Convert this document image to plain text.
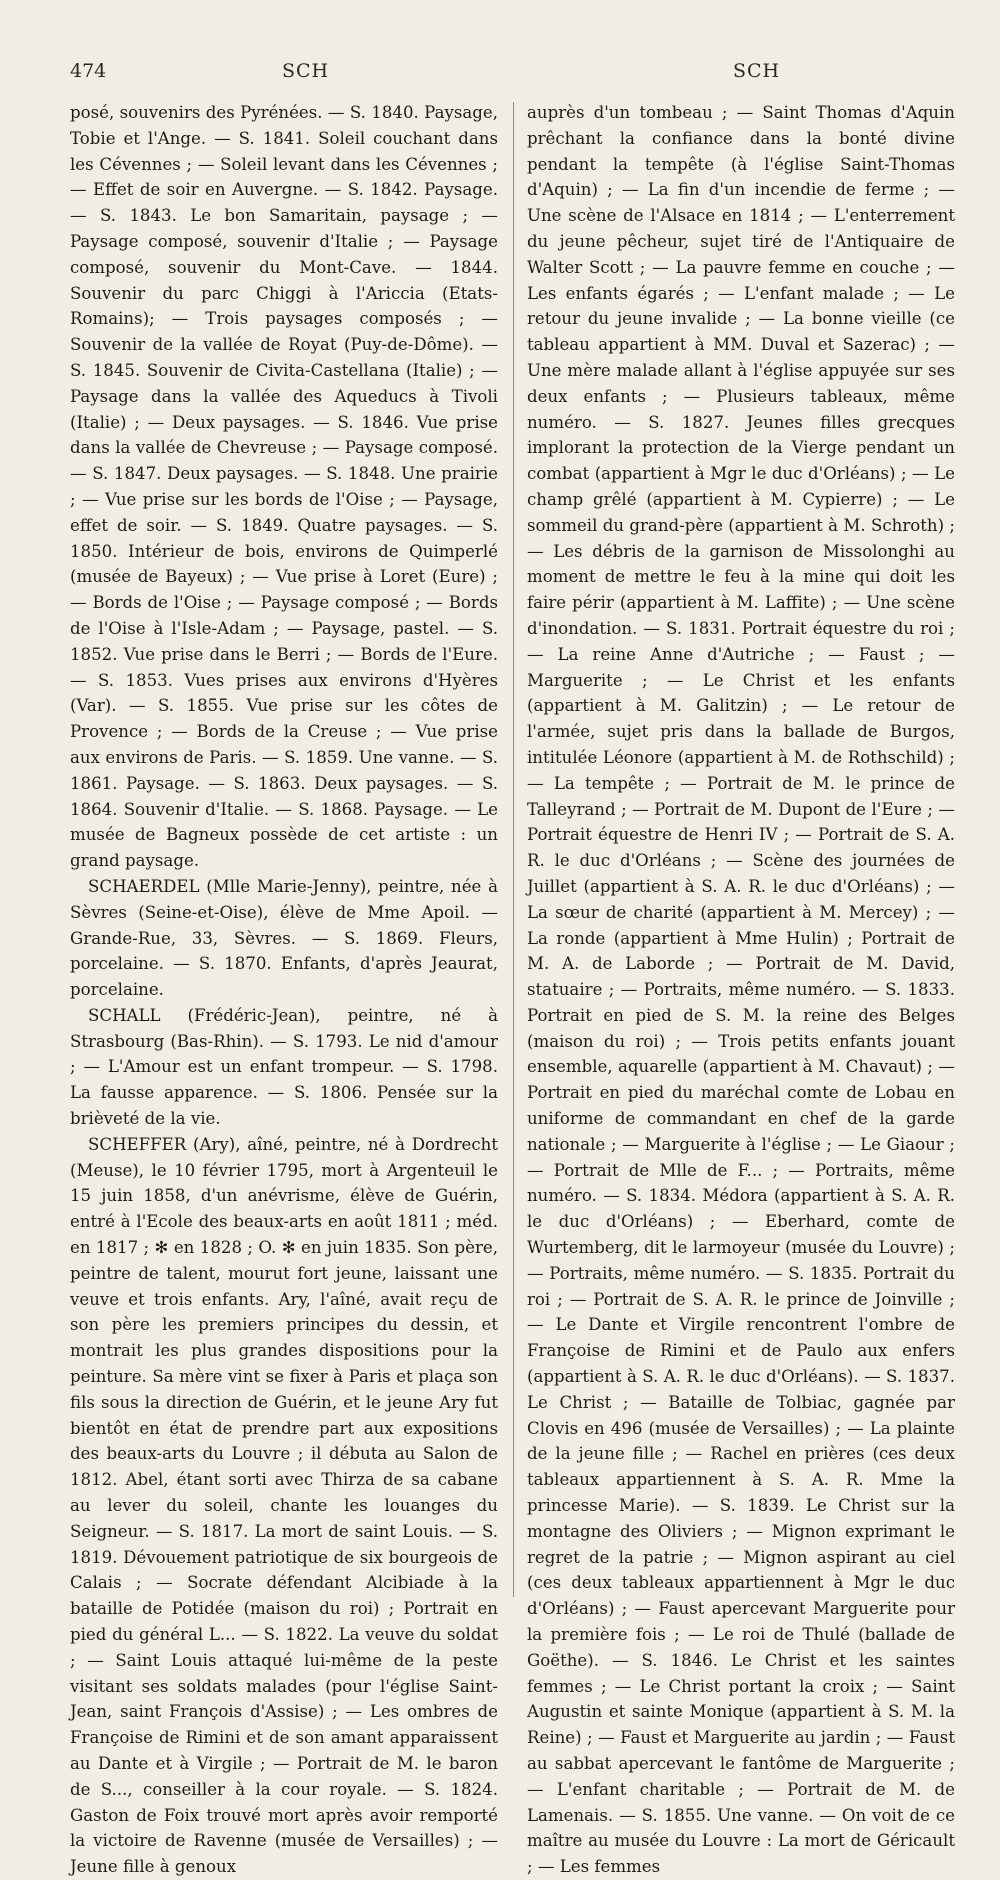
474	SCH	SCH

posé, souvenirs des Pyrénées. — S. 1840. Paysage, Tobie et l'Ange. — S. 1841. Soleil couchant dans les Cévennes ; — Soleil levant dans les Cévennes ; — Effet de soir en Auvergne. — S. 1842. Paysage. — S. 1843. Le bon Samaritain, paysage ; — Paysage composé, souvenir d'Italie ; — Paysage composé, souvenir du Mont-Cave. — 1844. Souvenir du parc Chiggi à l'Ariccia (Etats-Romains); — Trois paysages composés ; — Souvenir de la vallée de Royat (Puy-de-Dôme). — S. 1845. Souvenir de Civita-Castellana (Italie) ; — Paysage dans la vallée des Aqueducs à Tivoli (Italie) ; — Deux paysages. — S. 1846. Vue prise dans la vallée de Chevreuse ; — Paysage composé. — S. 1847. Deux paysages. — S. 1848. Une prairie ; — Vue prise sur les bords de l'Oise ; — Paysage, effet de soir. — S. 1849. Quatre paysages. — S. 1850. Intérieur de bois, environs de Quimperlé (musée de Bayeux) ; — Vue prise à Loret (Eure) ; — Bords de l'Oise ; — Paysage composé ; — Bords de l'Oise à l'Isle-Adam ; — Paysage, pastel. — S. 1852. Vue prise dans le Berri ; — Bords de l'Eure. — S. 1853. Vues prises aux environs d'Hyères (Var). — S. 1855. Vue prise sur les côtes de Provence ; — Bords de la Creuse ; — Vue prise aux environs de Paris. — S. 1859. Une vanne. — S. 1861. Paysage. — S. 1863. Deux paysages. — S. 1864. Souvenir d'Italie. — S. 1868. Paysage. — Le musée de Bagneux possède de cet artiste : un grand paysage.

SCHAERDEL (Mlle Marie-Jenny), peintre, née à Sèvres (Seine-et-Oise), élève de Mme Apoil. — Grande-Rue, 33, Sèvres. — S. 1869. Fleurs, porcelaine. — S. 1870. Enfants, d'après Jeaurat, porcelaine.

SCHALL (Frédéric-Jean), peintre, né à Strasbourg (Bas-Rhin). — S. 1793. Le nid d'amour ; — L'Amour est un enfant trompeur. — S. 1798. La fausse apparence. — S. 1806. Pensée sur la brièveté de la vie.

SCHEFFER (Ary), aîné, peintre, né à Dordrecht (Meuse), le 10 février 1795, mort à Argenteuil le 15 juin 1858, d'un anévrisme, élève de Guérin, entré à l'Ecole des beaux-arts en août 1811 ; méd. en 1817 ; ✻ en 1828 ; O. ✻ en juin 1835. Son père, peintre de talent, mourut fort jeune, laissant une veuve et trois enfants. Ary, l'aîné, avait reçu de son père les premiers principes du dessin, et montrait les plus grandes dispositions pour la peinture. Sa mère vint se fixer à Paris et plaça son fils sous la direction de Guérin, et le jeune Ary fut bientôt en état de prendre part aux expositions des beaux-arts du Louvre ; il débuta au Salon de 1812. Abel, étant sorti avec Thirza de sa cabane au lever du soleil, chante les louanges du Seigneur. — S. 1817. La mort de saint Louis. — S. 1819. Dévouement patriotique de six bourgeois de Calais ; — Socrate défendant Alcibiade à la bataille de Potidée (maison du roi) ; Portrait en pied du général L... — S. 1822. La veuve du soldat ; — Saint Louis attaqué lui-même de la peste visitant ses soldats malades (pour l'église Saint-Jean, saint François d'Assise) ; — Les ombres de Françoise de Rimini et de son amant apparaissent au Dante et à Virgile ; — Portrait de M. le baron de S..., conseiller à la cour royale. — S. 1824. Gaston de Foix trouvé mort après avoir remporté la victoire de Ravenne (musée de Versailles) ; — Jeune fille à genoux

auprès d'un tombeau ; — Saint Thomas d'Aquin prêchant la confiance dans la bonté divine pendant la tempête (à l'église Saint-Thomas d'Aquin) ; — La fin d'un incendie de ferme ; — Une scène de l'Alsace en 1814 ; — L'enterrement du jeune pêcheur, sujet tiré de l'Antiquaire de Walter Scott ; — La pauvre femme en couche ; — Les enfants égarés ; — L'enfant malade ; — Le retour du jeune invalide ; — La bonne vieille (ce tableau appartient à MM. Duval et Sazerac) ; — Une mère malade allant à l'église appuyée sur ses deux enfants ; — Plusieurs tableaux, même numéro. — S. 1827. Jeunes filles grecques implorant la protection de la Vierge pendant un combat (appartient à Mgr le duc d'Orléans) ; — Le champ grêlé (appartient à M. Cypierre) ; — Le sommeil du grand-père (appartient à M. Schroth) ; — Les débris de la garnison de Missolonghi au moment de mettre le feu à la mine qui doit les faire périr (appartient à M. Laffite) ; — Une scène d'inondation. — S. 1831. Portrait équestre du roi ; — La reine Anne d'Autriche ; — Faust ; — Marguerite ; — Le Christ et les enfants (appartient à M. Galitzin) ; — Le retour de l'armée, sujet pris dans la ballade de Burgos, intitulée Léonore (appartient à M. de Rothschild) ; — La tempête ; — Portrait de M. le prince de Talleyrand ; — Portrait de M. Dupont de l'Eure ; — Portrait équestre de Henri IV ; — Portrait de S. A. R. le duc d'Orléans ; — Scène des journées de Juillet (appartient à S. A. R. le duc d'Orléans) ; — La sœur de charité (appartient à M. Mercey) ; — La ronde (appartient à Mme Hulin) ; Portrait de M. A. de Laborde ; — Portrait de M. David, statuaire ; — Portraits, même numéro. — S. 1833. Portrait en pied de S. M. la reine des Belges (maison du roi) ; — Trois petits enfants jouant ensemble, aquarelle (appartient à M. Chavaut) ; — Portrait en pied du maréchal comte de Lobau en uniforme de commandant en chef de la garde nationale ; — Marguerite à l'église ; — Le Giaour ; — Portrait de Mlle de F... ; — Portraits, même numéro. — S. 1834. Médora (appartient à S. A. R. le duc d'Orléans) ; — Eberhard, comte de Wurtemberg, dit le larmoyeur (musée du Louvre) ; — Portraits, même numéro. — S. 1835. Portrait du roi ; — Portrait de S. A. R. le prince de Joinville ; — Le Dante et Virgile rencontrent l'ombre de Françoise de Rimini et de Paulo aux enfers (appartient à S. A. R. le duc d'Orléans). — S. 1837. Le Christ ; — Bataille de Tolbiac, gagnée par Clovis en 496 (musée de Versailles) ; — La plainte de la jeune fille ; — Rachel en prières (ces deux tableaux appartiennent à S. A. R. Mme la princesse Marie). — S. 1839. Le Christ sur la montagne des Oliviers ; — Mignon exprimant le regret de la patrie ; — Mignon aspirant au ciel (ces deux tableaux appartiennent à Mgr le duc d'Orléans) ; — Faust apercevant Marguerite pour la première fois ; — Le roi de Thulé (ballade de Goëthe). — S. 1846. Le Christ et les saintes femmes ; — Le Christ portant la croix ; — Saint Augustin et sainte Monique (appartient à S. M. la Reine) ; — Faust et Marguerite au jardin ; — Faust au sabbat apercevant le fantôme de Marguerite ; — L'enfant charitable ; — Portrait de M. de Lamenais. — S. 1855. Une vanne. — On voit de ce maître au musée du Louvre : La mort de Géricault ; — Les femmes
